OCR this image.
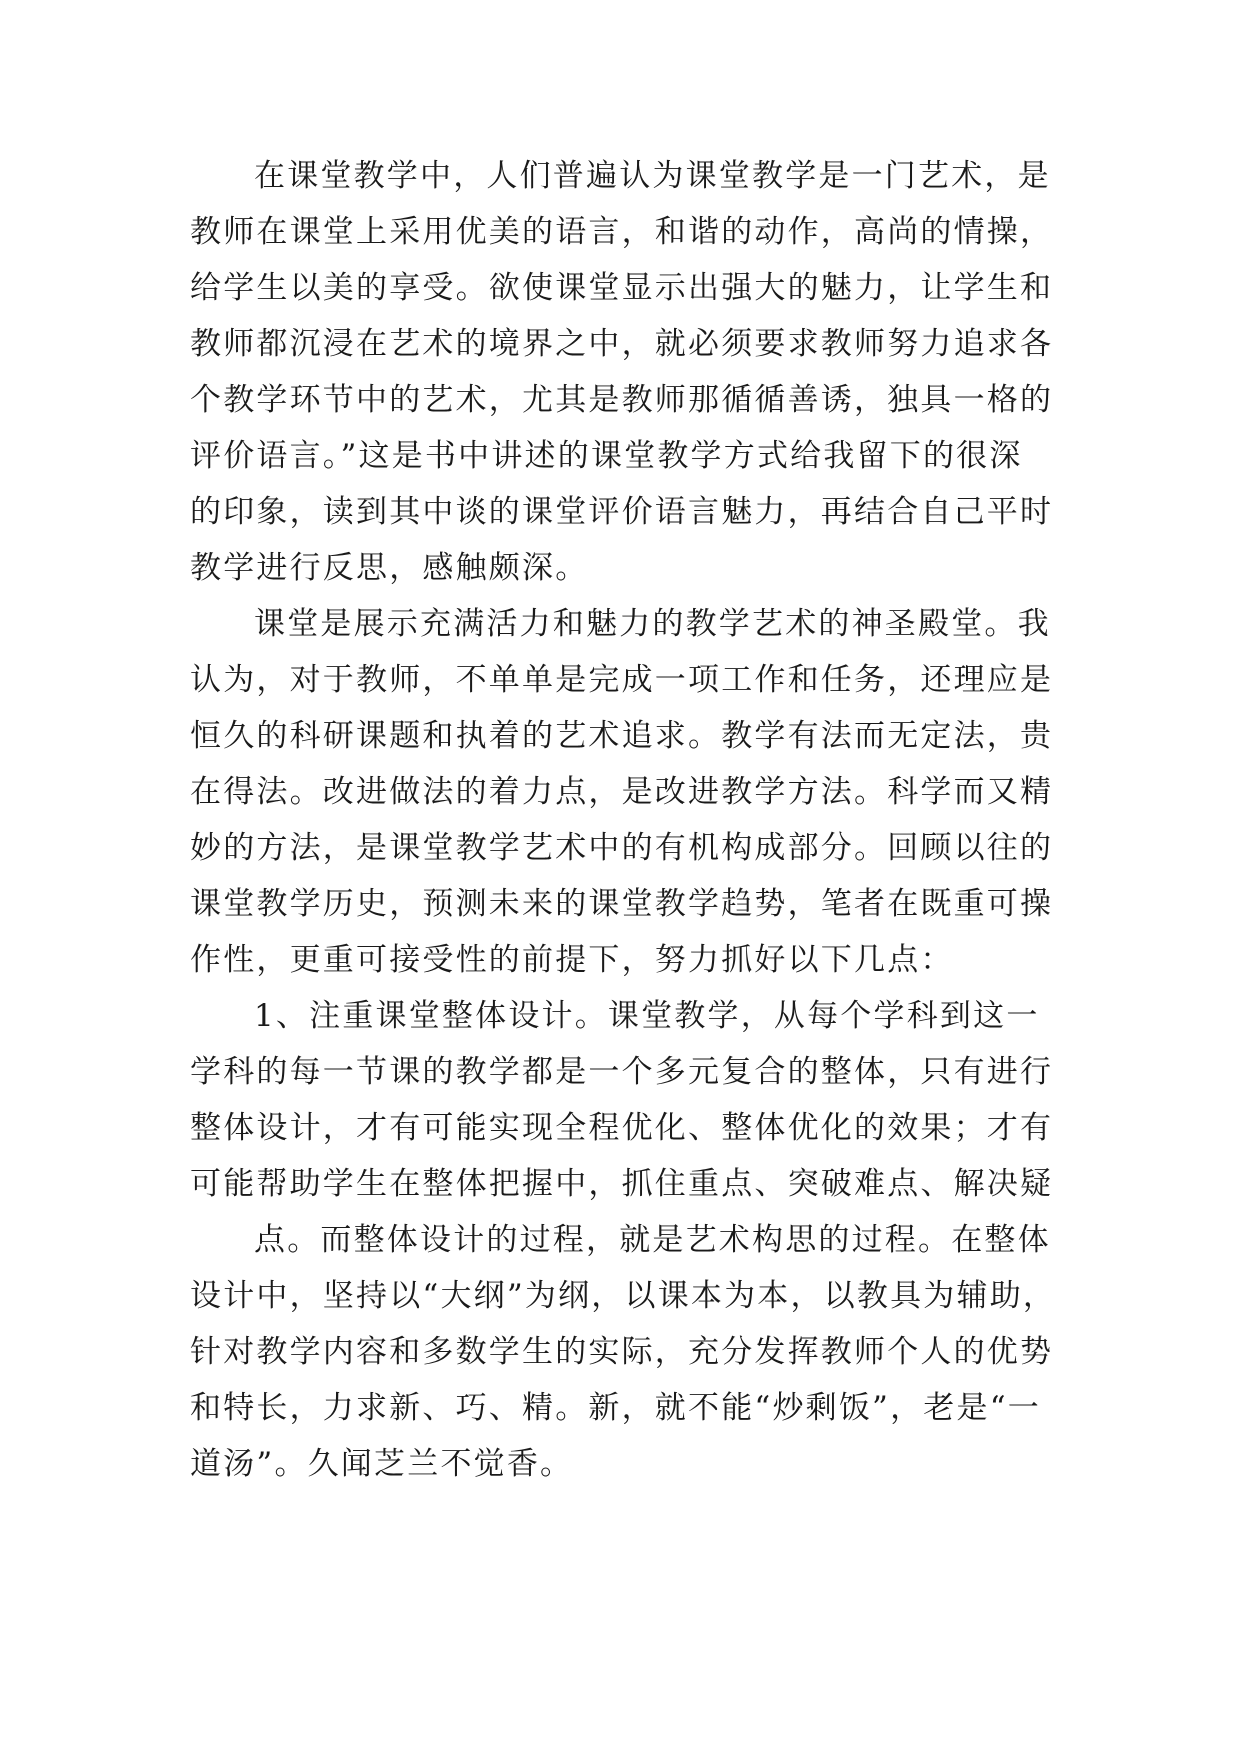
在课堂教学中，人们普遍认为课堂教学是一门艺术，是
教师在课堂上采用优美的语言，和谐的动作，高尚的情操，
给学生以美的享受。欲使课堂显示出强大的魅力，让学生和
教师都沉浸在艺术的境界之中，就必须要求教师努力追求各
个教学环节中的艺术，尤其是教师那循循善诱，独具一格的
评价语言。”这是书中讲述的课堂教学方式给我留下的很深
的印象，读到其中谈的课堂评价语言魅力，再结合自己平时
教学进行反思，感触颇深。
课堂是展示充满活力和魅力的教学艺术的神圣殿堂。我
认为，对于教师，不单单是完成一项工作和任务，还理应是
恒久的科研课题和执着的艺术追求。教学有法而无定法，贵
在得法。改进做法的着力点，是改进教学方法。科学而又精
妙的方法，是课堂教学艺术中的有机构成部分。回顾以往的
课堂教学历史，预测未来的课堂教学趋势，笔者在既重可操
作性，更重可接受性的前提下，努力抓好以下几点：
1、注重课堂整体设计。课堂教学，从每个学科到这一
学科的每一节课的教学都是一个多元复合的整体，只有进行
整体设计，才有可能实现全程优化、整体优化的效果；才有
可能帮助学生在整体把握中，抓住重点、突破难点、解决疑
点。而整体设计的过程，就是艺术构思的过程。在整体
设计中，坚持以“大纲”为纲，以课本为本，以教具为辅助，
针对教学内容和多数学生的实际，充分发挥教师个人的优势
和特长，力求新、巧、精。新，就不能“炒剩饭”，老是“一
道汤”。久闻芝兰不觉香。
